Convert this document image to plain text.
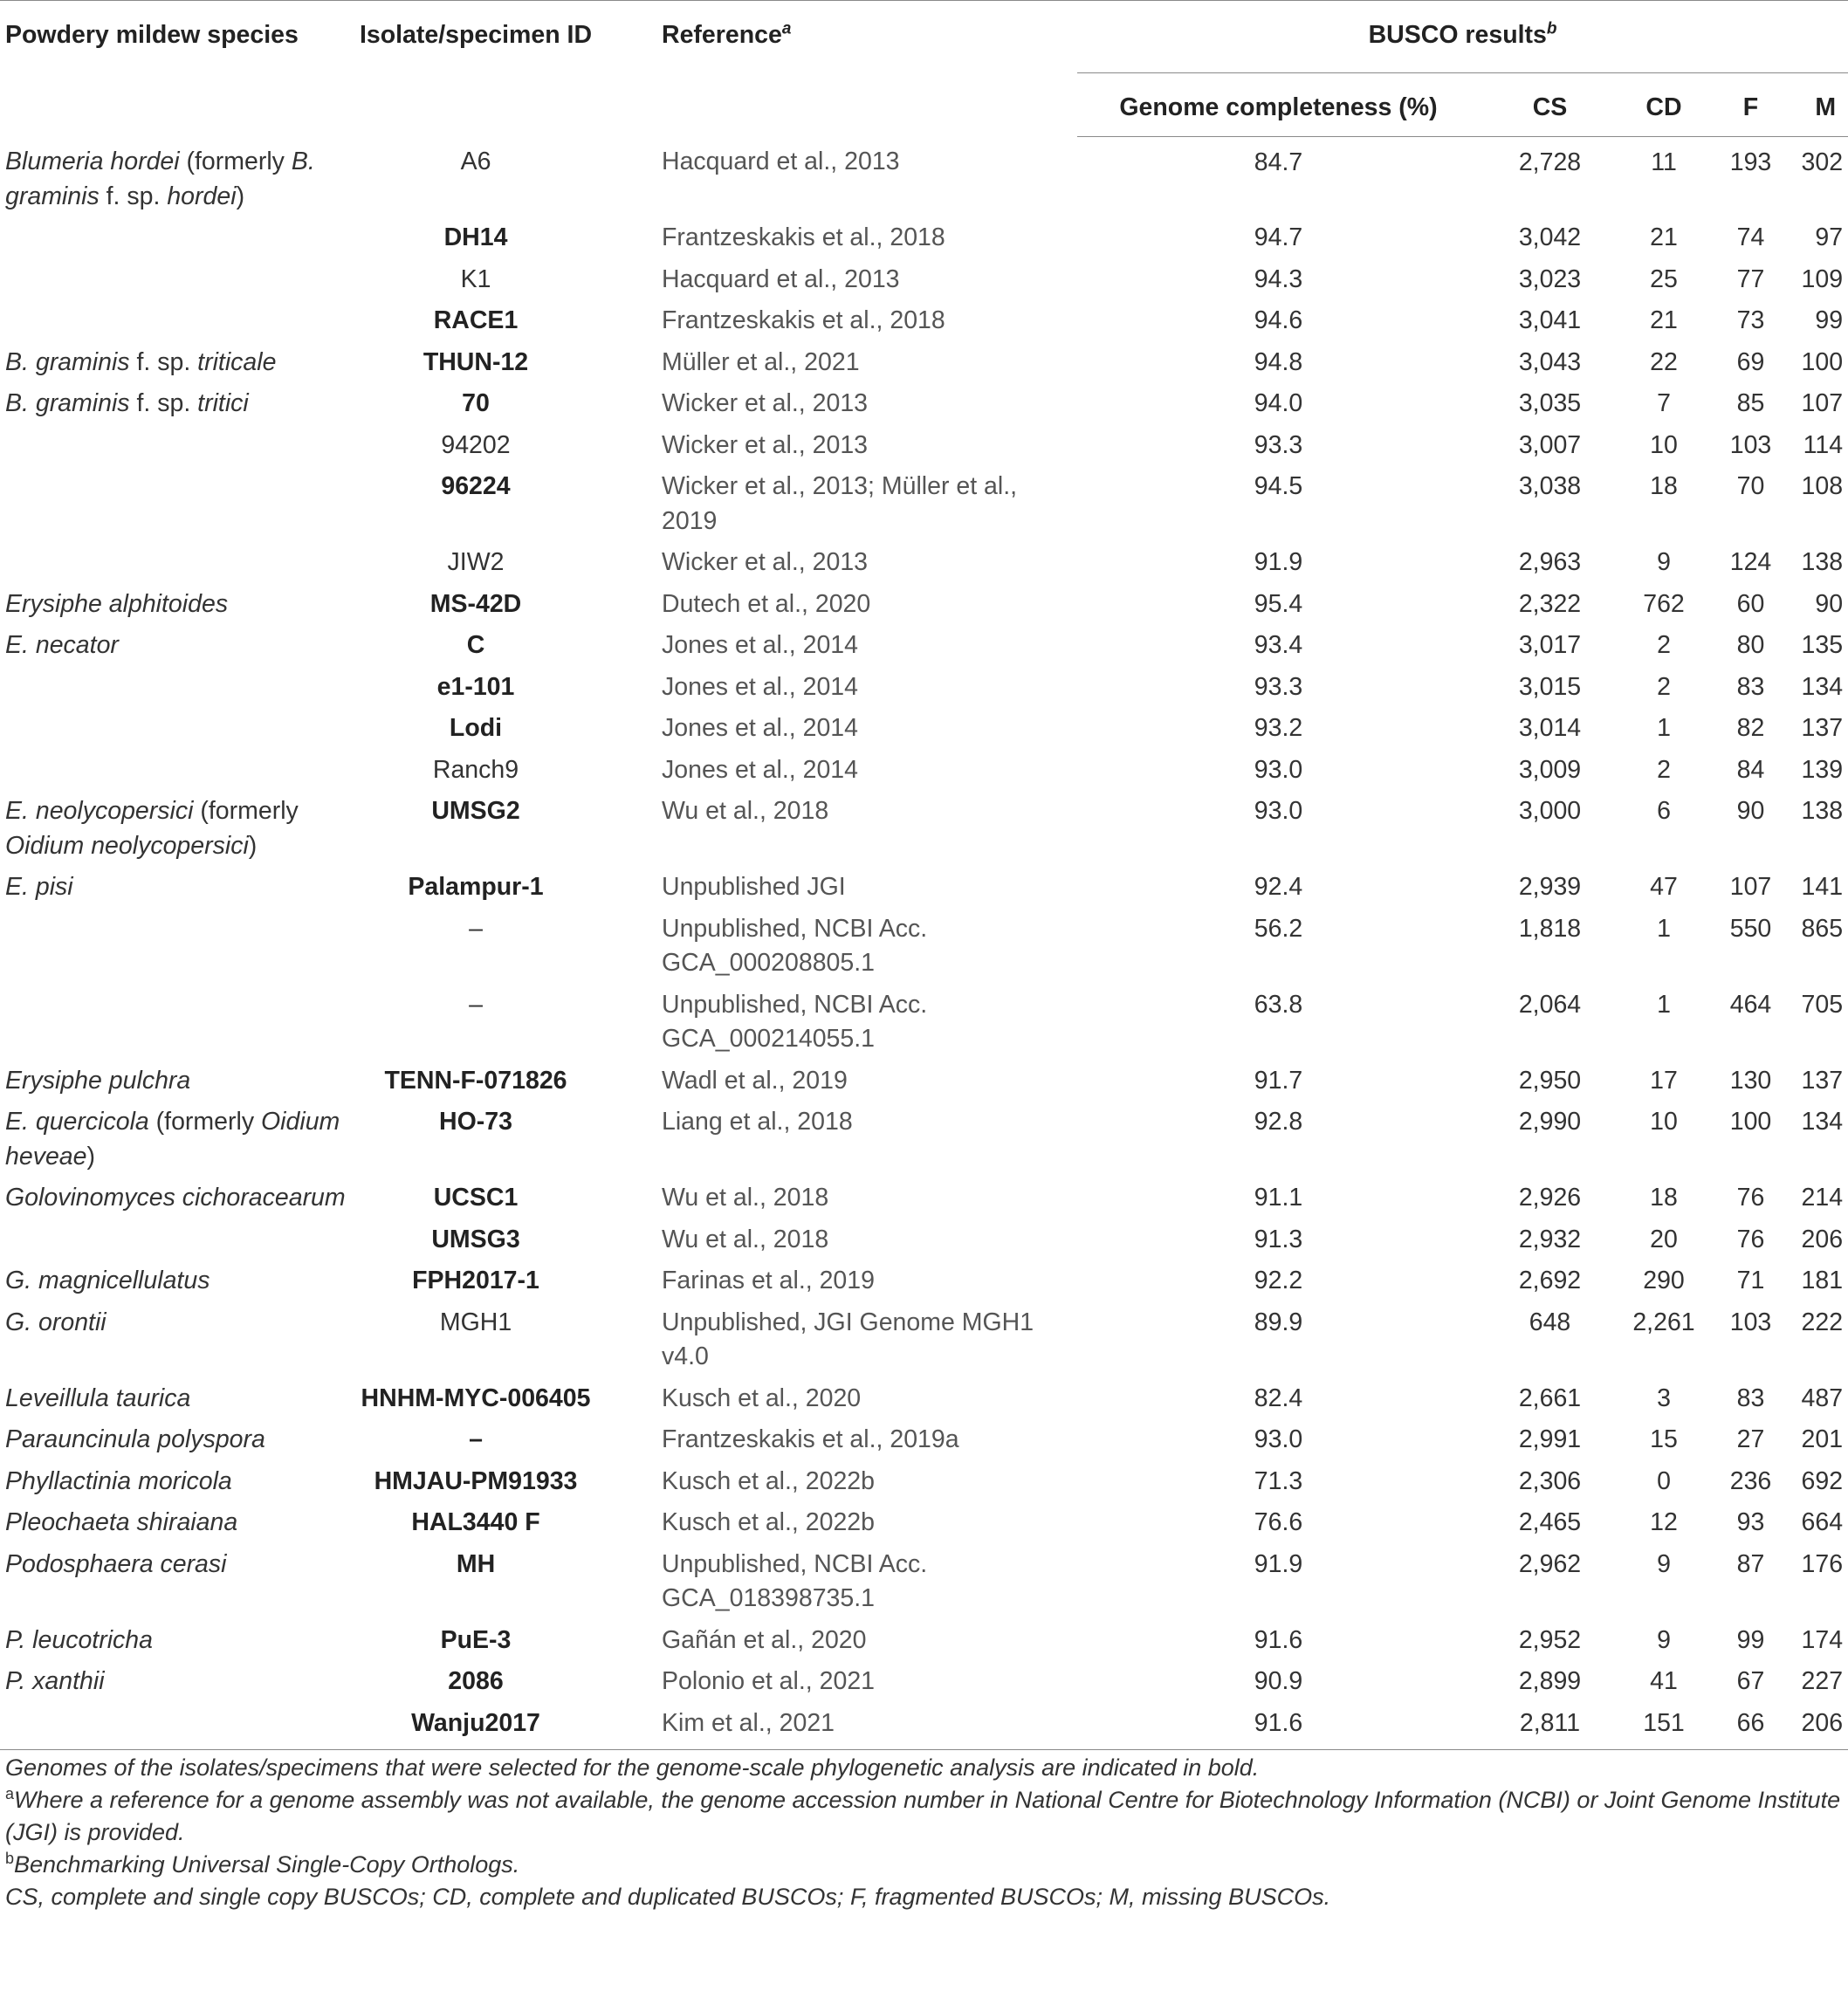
Powdery mildew species	Isolate/specimen ID	Reference$^a$	BUSCO results$^b$
			Genome completeness (%)	CS	CD	F	M
Blumeria hordei (formerly B. graminis f. sp. hordei)	A6	Hacquard et al., 2013	84.7	2,728	11	193	302
	DH14	Frantzeskakis et al., 2018	94.7	3,042	21	74	97
	K1	Hacquard et al., 2013	94.3	3,023	25	77	109
	RACE1	Frantzeskakis et al., 2018	94.6	3,041	21	73	99
B. graminis f. sp. triticale	THUN-12	Müller et al., 2021	94.8	3,043	22	69	100
B. graminis f. sp. tritici	70	Wicker et al., 2013	94.0	3,035	7	85	107
	94202	Wicker et al., 2013	93.3	3,007	10	103	114
	96224	Wicker et al., 2013; Müller et al., 2019	94.5	3,038	18	70	108
	JIW2	Wicker et al., 2013	91.9	2,963	9	124	138
Erysiphe alphitoides	MS-42D	Dutech et al., 2020	95.4	2,322	762	60	90
E. necator	C	Jones et al., 2014	93.4	3,017	2	80	135
	e1-101	Jones et al., 2014	93.3	3,015	2	83	134
	Lodi	Jones et al., 2014	93.2	3,014	1	82	137
	Ranch9	Jones et al., 2014	93.0	3,009	2	84	139
E. neolycopersici (formerly Oidium neolycopersici)	UMSG2	Wu et al., 2018	93.0	3,000	6	90	138
E. pisi	Palampur-1	Unpublished JGI	92.4	2,939	47	107	141
	–	Unpublished, NCBI Acc. GCA_000208805.1	56.2	1,818	1	550	865
	–	Unpublished, NCBI Acc. GCA_000214055.1	63.8	2,064	1	464	705
Erysiphe pulchra	TENN-F-071826	Wadl et al., 2019	91.7	2,950	17	130	137
E. quercicola (formerly Oidium heveae)	HO-73	Liang et al., 2018	92.8	2,990	10	100	134
Golovinomyces cichoracearum	UCSC1	Wu et al., 2018	91.1	2,926	18	76	214
	UMSG3	Wu et al., 2018	91.3	2,932	20	76	206
G. magnicellulatus	FPH2017-1	Farinas et al., 2019	92.2	2,692	290	71	181
G. orontii	MGH1	Unpublished, JGI Genome MGH1 v4.0	89.9	648	2,261	103	222
Leveillula taurica	HNHM-MYC-006405	Kusch et al., 2020	82.4	2,661	3	83	487
Parauncinula polyspora	–	Frantzeskakis et al., 2019a	93.0	2,991	15	27	201
Phyllactinia moricola	HMJAU-PM91933	Kusch et al., 2022b	71.3	2,306	0	236	692
Pleochaeta shiraiana	HAL3440 F	Kusch et al., 2022b	76.6	2,465	12	93	664
Podosphaera cerasi	MH	Unpublished, NCBI Acc. GCA_018398735.1	91.9	2,962	9	87	176
P. leucotricha	PuE-3	Gañán et al., 2020	91.6	2,952	9	99	174
P. xanthii	2086	Polonio et al., 2021	90.9	2,899	41	67	227
	Wanju2017	Kim et al., 2021	91.6	2,811	151	66	206
Genomes of the isolates/specimens that were selected for the genome-scale phylogenetic analysis are indicated in bold.
$^a$Where a reference for a genome assembly was not available, the genome accession number in National Centre for Biotechnology Information (NCBI) or Joint Genome Institute (JGI) is provided.
$^b$Benchmarking Universal Single-Copy Orthologs.
CS, complete and single copy BUSCOs; CD, complete and duplicated BUSCOs; F, fragmented BUSCOs; M, missing BUSCOs.
